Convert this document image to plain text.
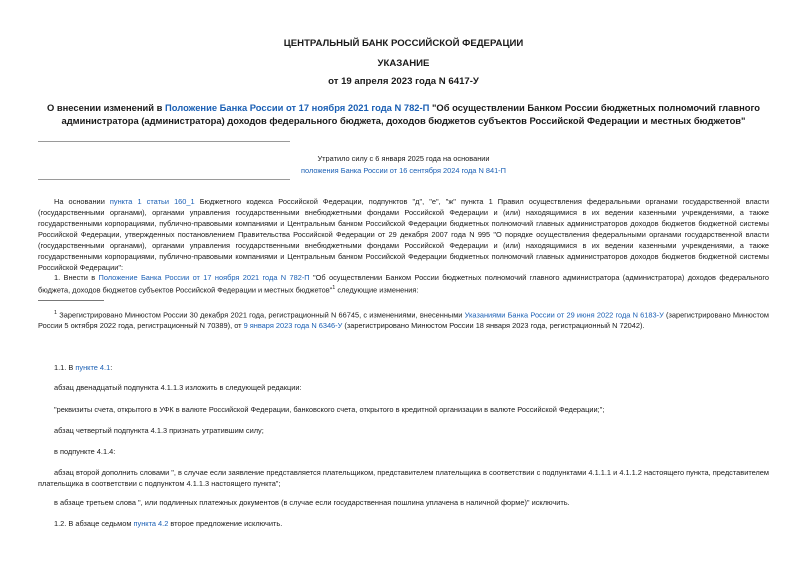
ЦЕНТРАЛЬНЫЙ БАНК РОССИЙСКОЙ ФЕДЕРАЦИИ
УКАЗАНИЕ
от 19 апреля 2023 года N 6417-У
О внесении изменений в Положение Банка России от 17 ноября 2021 года N 782-П "Об осуществлении Банком России бюджетных полномочий главного администратора (администратора) доходов федерального бюджета, доходов бюджетов субъектов Российской Федерации и местных бюджетов"
Утратило силу с 6 января 2025 года на основании
положения Банка России от 16 сентября 2024 года N 841-П
На основании пункта 1 статьи 160_1 Бюджетного кодекса Российской Федерации, подпунктов "д", "е", "ж" пункта 1 Правил осуществления федеральными органами государственной власти (государственными органами), органами управления государственными внебюджетными фондами Российской Федерации и (или) находящимися в их ведении казенными учреждениями, а также государственными корпорациями, публично-правовыми компаниями и Центральным банком Российской Федерации бюджетных полномочий главных администраторов доходов бюджетов бюджетной системы Российской Федерации, утвержденных постановлением Правительства Российской Федерации от 29 декабря 2007 года N 995 "О порядке осуществления федеральными органами государственной власти (государственными органами), органами управления государственными внебюджетными фондами Российской Федерации и (или) находящимися в их ведении казенными учреждениями, а также государственными корпорациями, публично-правовыми компаниями и Центральным банком Российской Федерации бюджетных полномочий главных администраторов доходов бюджетов бюджетной системы Российской Федерации":
1. Внести в Положение Банка России от 17 ноября 2021 года N 782-П "Об осуществлении Банком России бюджетных полномочий главного администратора (администратора) доходов федерального бюджета, доходов бюджетов субъектов Российской Федерации и местных бюджетов"$^1$ следующие изменения:
$^1$ Зарегистрировано Минюстом России 30 декабря 2021 года, регистрационный N 66745, с изменениями, внесенными Указаниями Банка России от 29 июня 2022 года N 6183-У (зарегистрировано Минюстом России 5 октября 2022 года, регистрационный N 70389), от 9 января 2023 года N 6346-У (зарегистрировано Минюстом России 18 января 2023 года, регистрационный N 72042).
1.1. В пункте 4.1:
абзац двенадцатый подпункта 4.1.1.3 изложить в следующей редакции:
"реквизиты счета, открытого в УФК в валюте Российской Федерации, банковского счета, открытого в кредитной организации в валюте Российской Федерации;";
абзац четвертый подпункта 4.1.3 признать утратившим силу;
в подпункте 4.1.4:
абзац второй дополнить словами ", в случае если заявление представляется плательщиком, представителем плательщика в соответствии с подпунктами 4.1.1.1 и 4.1.1.2 настоящего пункта, представителем плательщика в соответствии с подпунктом 4.1.1.3 настоящего пункта";
в абзаце третьем слова ", или подлинных платежных документов (в случае если государственная пошлина уплачена в наличной форме)" исключить.
1.2. В абзаце седьмом пункта 4.2 второе предложение исключить.
